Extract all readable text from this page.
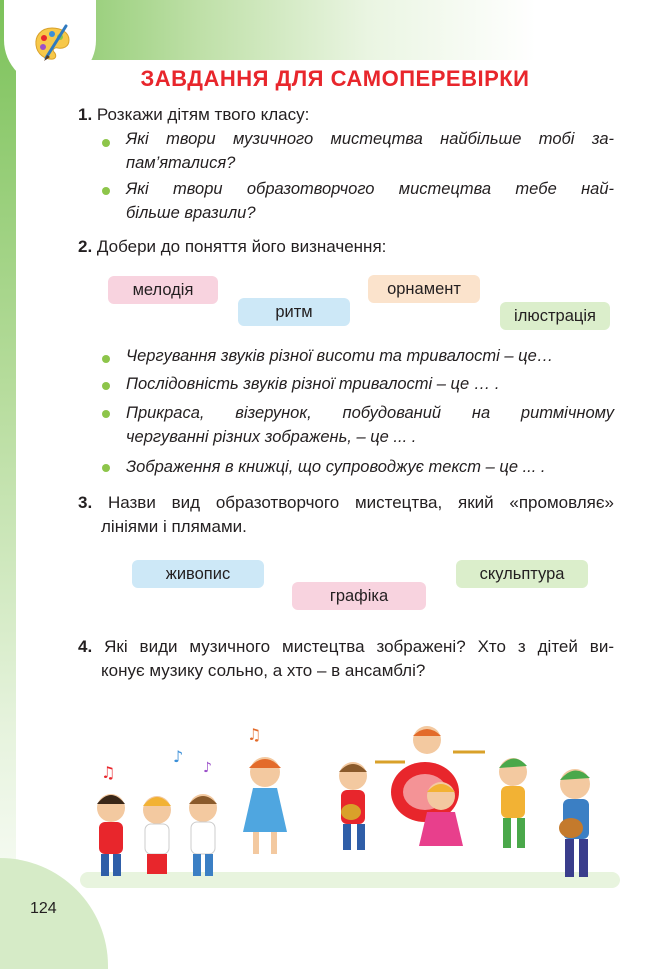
ЗАВДАННЯ ДЛЯ САМОПЕРЕВІРКИ
1. Розкажи дітям твого класу:
Які твори музичного мистецтва найбільше тобі за-
пам’яталися?
Які твори образотворчого мистецтва тебе най-
більше вразили?
2. Добери до поняття його визначення:
мелодія
ритм
орнамент
ілюстрація
Чергування звуків різної висоти та тривалості – це…
Послідовність звуків різної тривалості – це … .
Прикраса, візерунок, побудований на ритмічному
чергуванні різних зображень, – це ... .
Зображення в книжці, що супроводжує текст – це ... .
3. Назви вид образотворчого мистецтва, який «промовляє»
лініями і плямами.
живопис
графіка
скульптура
4. Які види музичного мистецтва зображені? Хто з дітей ви-
конує музику сольно, а хто – в ансамблі?
♫
♪
♫
♪
124
